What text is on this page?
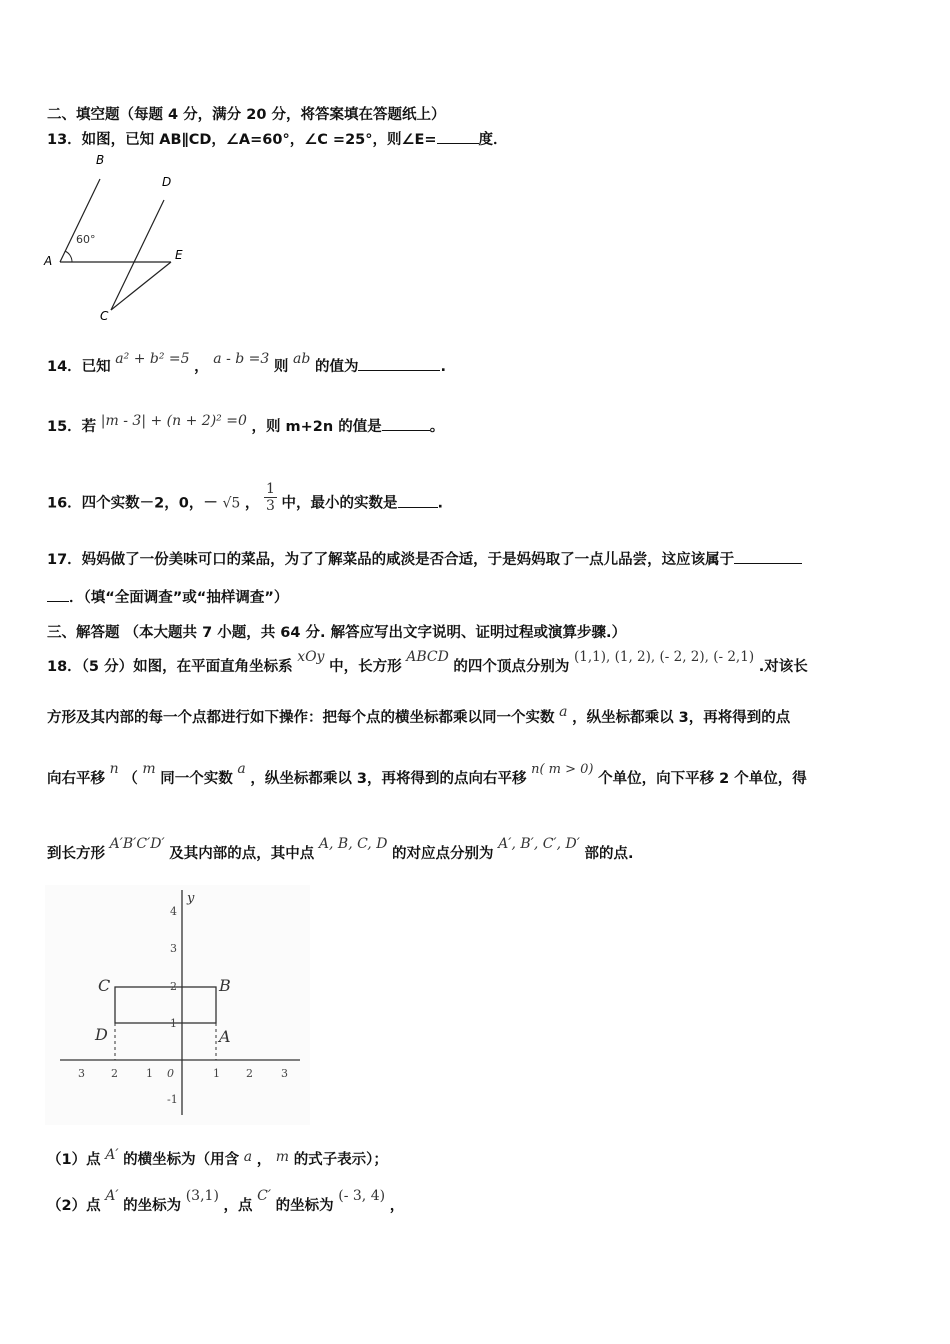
二、填空题（每题 4 分，满分 20 分，将答案填在答题纸上）
13．如图，已知 AB∥CD，∠A=60°，∠C =25°，则∠E=	度．
B
D
A	E
C
60°
14．已知 a² + b² =5 ， a - b =3 则 ab 的值为	.
15．若 |m - 3| + (n + 2)² =0 ，则 m+2n 的值是	。
16．四个实数－2，0，－ √5 ， $\frac{1}{3}$ 中，最小的实数是	.
17．妈妈做了一份美味可口的菜品，为了了解菜品的咸淡是否合适，于是妈妈取了一点儿品尝，这应该属于
．（填“全面调查”或“抽样调查”）
三、解答题 （本大题共 7 小题，共 64 分. 解答应写出文字说明、证明过程或演算步骤.）
18．（5 分）如图，在平面直角坐标系 xOy 中，长方形 ABCD 的四个顶点分别为 (1,1), (1, 2), (- 2, 2), (- 2,1) .对该长
方形及其内部的每一个点都进行如下操作：把每个点的横坐标都乘以同一个实数 a ，纵坐标都乘以 3，再将得到的点
向右平移 n （ m 同一个实数 a ，纵坐标都乘以 3，再将得到的点向右平移 n( m > 0) 个单位，向下平移 2 个单位，得
到长方形 A′B′C′D′ 及其内部的点，其中点 A, B, C, D 的对应点分别为 A′, B′, C′, D′ 部的点.
y
3 2	1 0	1 2	3
4
3
2
1
-1
C	B
D	A
（1）点 A′ 的横坐标为（用含 a ， m 的式子表示）；
（2）点 A′ 的坐标为 (3,1) ，点 C′ 的坐标为 (- 3, 4) ，
